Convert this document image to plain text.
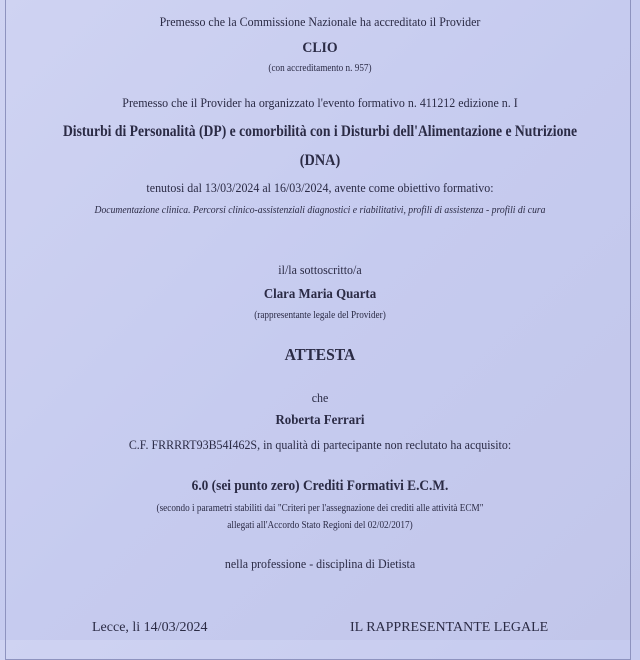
Premesso che la Commissione Nazionale ha accreditato il Provider
CLIO
(con accreditamento n. 957)
Premesso che il Provider ha organizzato l'evento formativo n. 411212 edizione n. I
Disturbi di Personalità (DP) e comorbilità con i Disturbi dell'Alimentazione e Nutrizione
(DNA)
tenutosi dal 13/03/2024 al 16/03/2024, avente come obiettivo formativo:
Documentazione clinica. Percorsi clinico-assistenziali diagnostici e riabilitativi, profili di assistenza - profili di cura
il/la sottoscritto/a
Clara Maria Quarta
(rappresentante legale del Provider)
ATTESTA
che
Roberta Ferrari
C.F. FRRRRT93B54I462S, in qualità di partecipante non reclutato ha acquisito:
6.0 (sei punto zero) Crediti Formativi E.C.M.
(secondo i parametri stabiliti dai "Criteri per l'assegnazione dei crediti alle attività ECM"
allegati all'Accordo Stato Regioni del 02/02/2017)
nella professione - disciplina di Dietista
Lecce, li 14/03/2024	IL RAPPRESENTANTE LEGALE
